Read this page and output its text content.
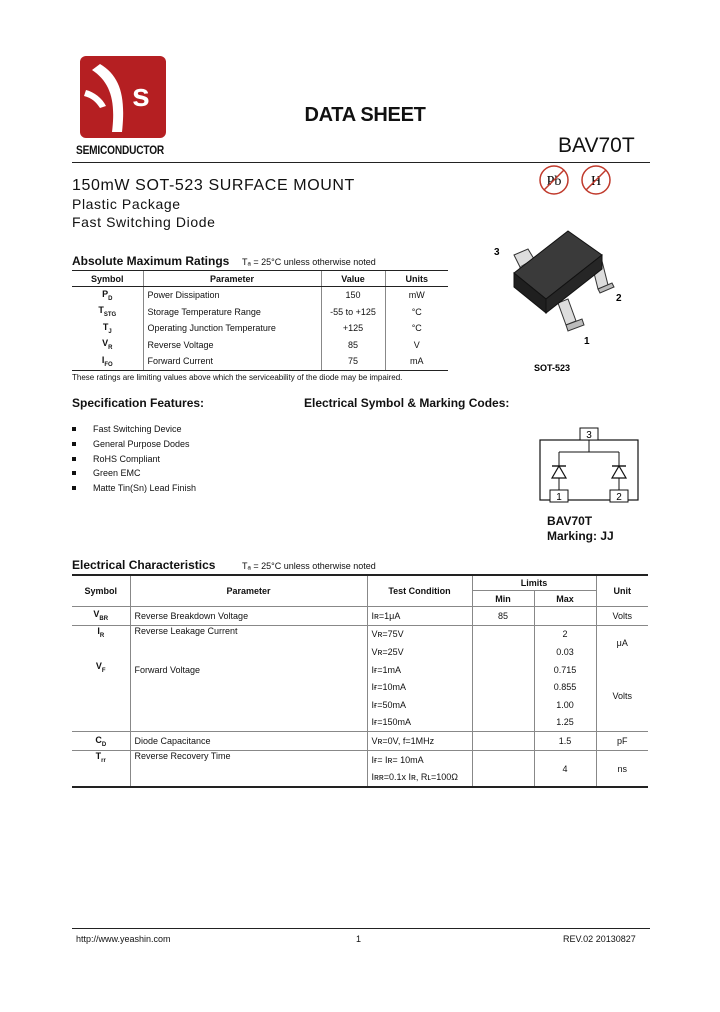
s
SEMICONDUCTOR
DATA SHEET
BAV70T
Pb H
150mW SOT-523 SURFACE MOUNT
Plastic Package
Fast Switching Diode
Absolute Maximum Ratings Tₐ = 25°C unless otherwise noted
Symbol	Parameter	Value	Units
$P_D$	Power Dissipation	150	mW
$T_{STG}$	Storage Temperature Range	-55 to +125	°C
$T_J$	Operating Junction Temperature	+125	°C
$V_R$	Reverse Voltage	85	V
$I_{FO}$	Forward Current	75	mA
These ratings are limiting values above which the serviceability of the diode may be impaired.
3
2
1
SOT-523
Specification Features:
Fast Switching Device
General Purpose Dodes
RoHS Compliant
Green EMC
Matte Tin(Sn) Lead Finish
Electrical Symbol & Marking Codes:
3
1	2
BAV70T
Marking: JJ
Electrical Characteristics	Tₐ = 25°C unless otherwise noted
Symbol	Parameter	Test Condition	Limits		Unit
			Min	Max	
$V_{BR}$	Reverse Breakdown Voltage	Iʀ=1μA	85		Volts
$I_R$	Reverse Leakage Current	Vʀ=75V		2	μA
		Vʀ=25V		0.03	
$V_F$	Forward Voltage	Iғ=1mA		0.715	Volts
		Iғ=10mA		0.855	
		Iғ=50mA		1.00	
		Iғ=150mA		1.25	
$C_D$	Diode Capacitance	Vʀ=0V, f=1MHz		1.5	pF
$T_{rr}$	Reverse Recovery Time	Iғ= Iʀ= 10mA		4	ns
		Iʀʀ=0.1x Iʀ, Rʟ=100Ω			
http://www.yeashin.com	1	REV.02 20130827
